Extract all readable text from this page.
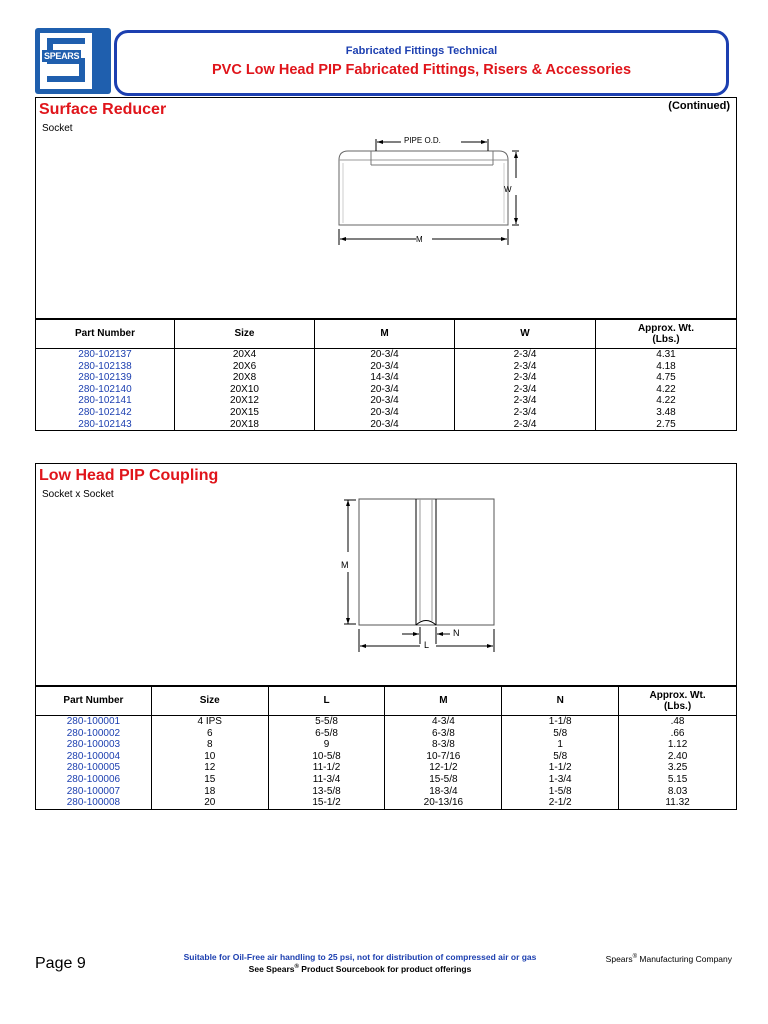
SPEARS	Fabricated Fittings Technical
PVC Low Head PIP Fabricated Fittings, Risers & Accessories
Surface Reducer
Socket
(Continued)
PIPE O.D.
W
M
Part Number	Size	M	W	Approx. Wt.
(Lbs.)
280-102137	20X4	20-3/4	2-3/4	4.31
280-102138	20X6	20-3/4	2-3/4	4.18
280-102139	20X8	14-3/4	2-3/4	4.75
280-102140	20X10	20-3/4	2-3/4	4.22
280-102141	20X12	20-3/4	2-3/4	4.22
280-102142	20X15	20-3/4	2-3/4	3.48
280-102143	20X18	20-3/4	2-3/4	2.75
Low Head PIP Coupling
Socket x Socket
M
N
L
Part Number	Size	L	M	N	Approx. Wt.
(Lbs.)
280-100001	4 IPS	5-5/8	4-3/4	1-1/8	.48
280-100002	6	6-5/8	6-3/8	5/8	.66
280-100003	8	9	8-3/8	1	1.12
280-100004	10	10-5/8	10-7/16	5/8	2.40
280-100005	12	11-1/2	12-1/2	1-1/2	3.25
280-100006	15	11-3/4	15-5/8	1-3/4	5.15
280-100007	18	13-5/8	18-3/4	1-5/8	8.03
280-100008	20	15-1/2	20-13/16	2-1/2	11.32
Page 9	Suitable for Oil-Free air handling to 25 psi, not for distribution of compressed air or gas
See Spears® Product Sourcebook for product offerings
Spears® Manufacturing Company
